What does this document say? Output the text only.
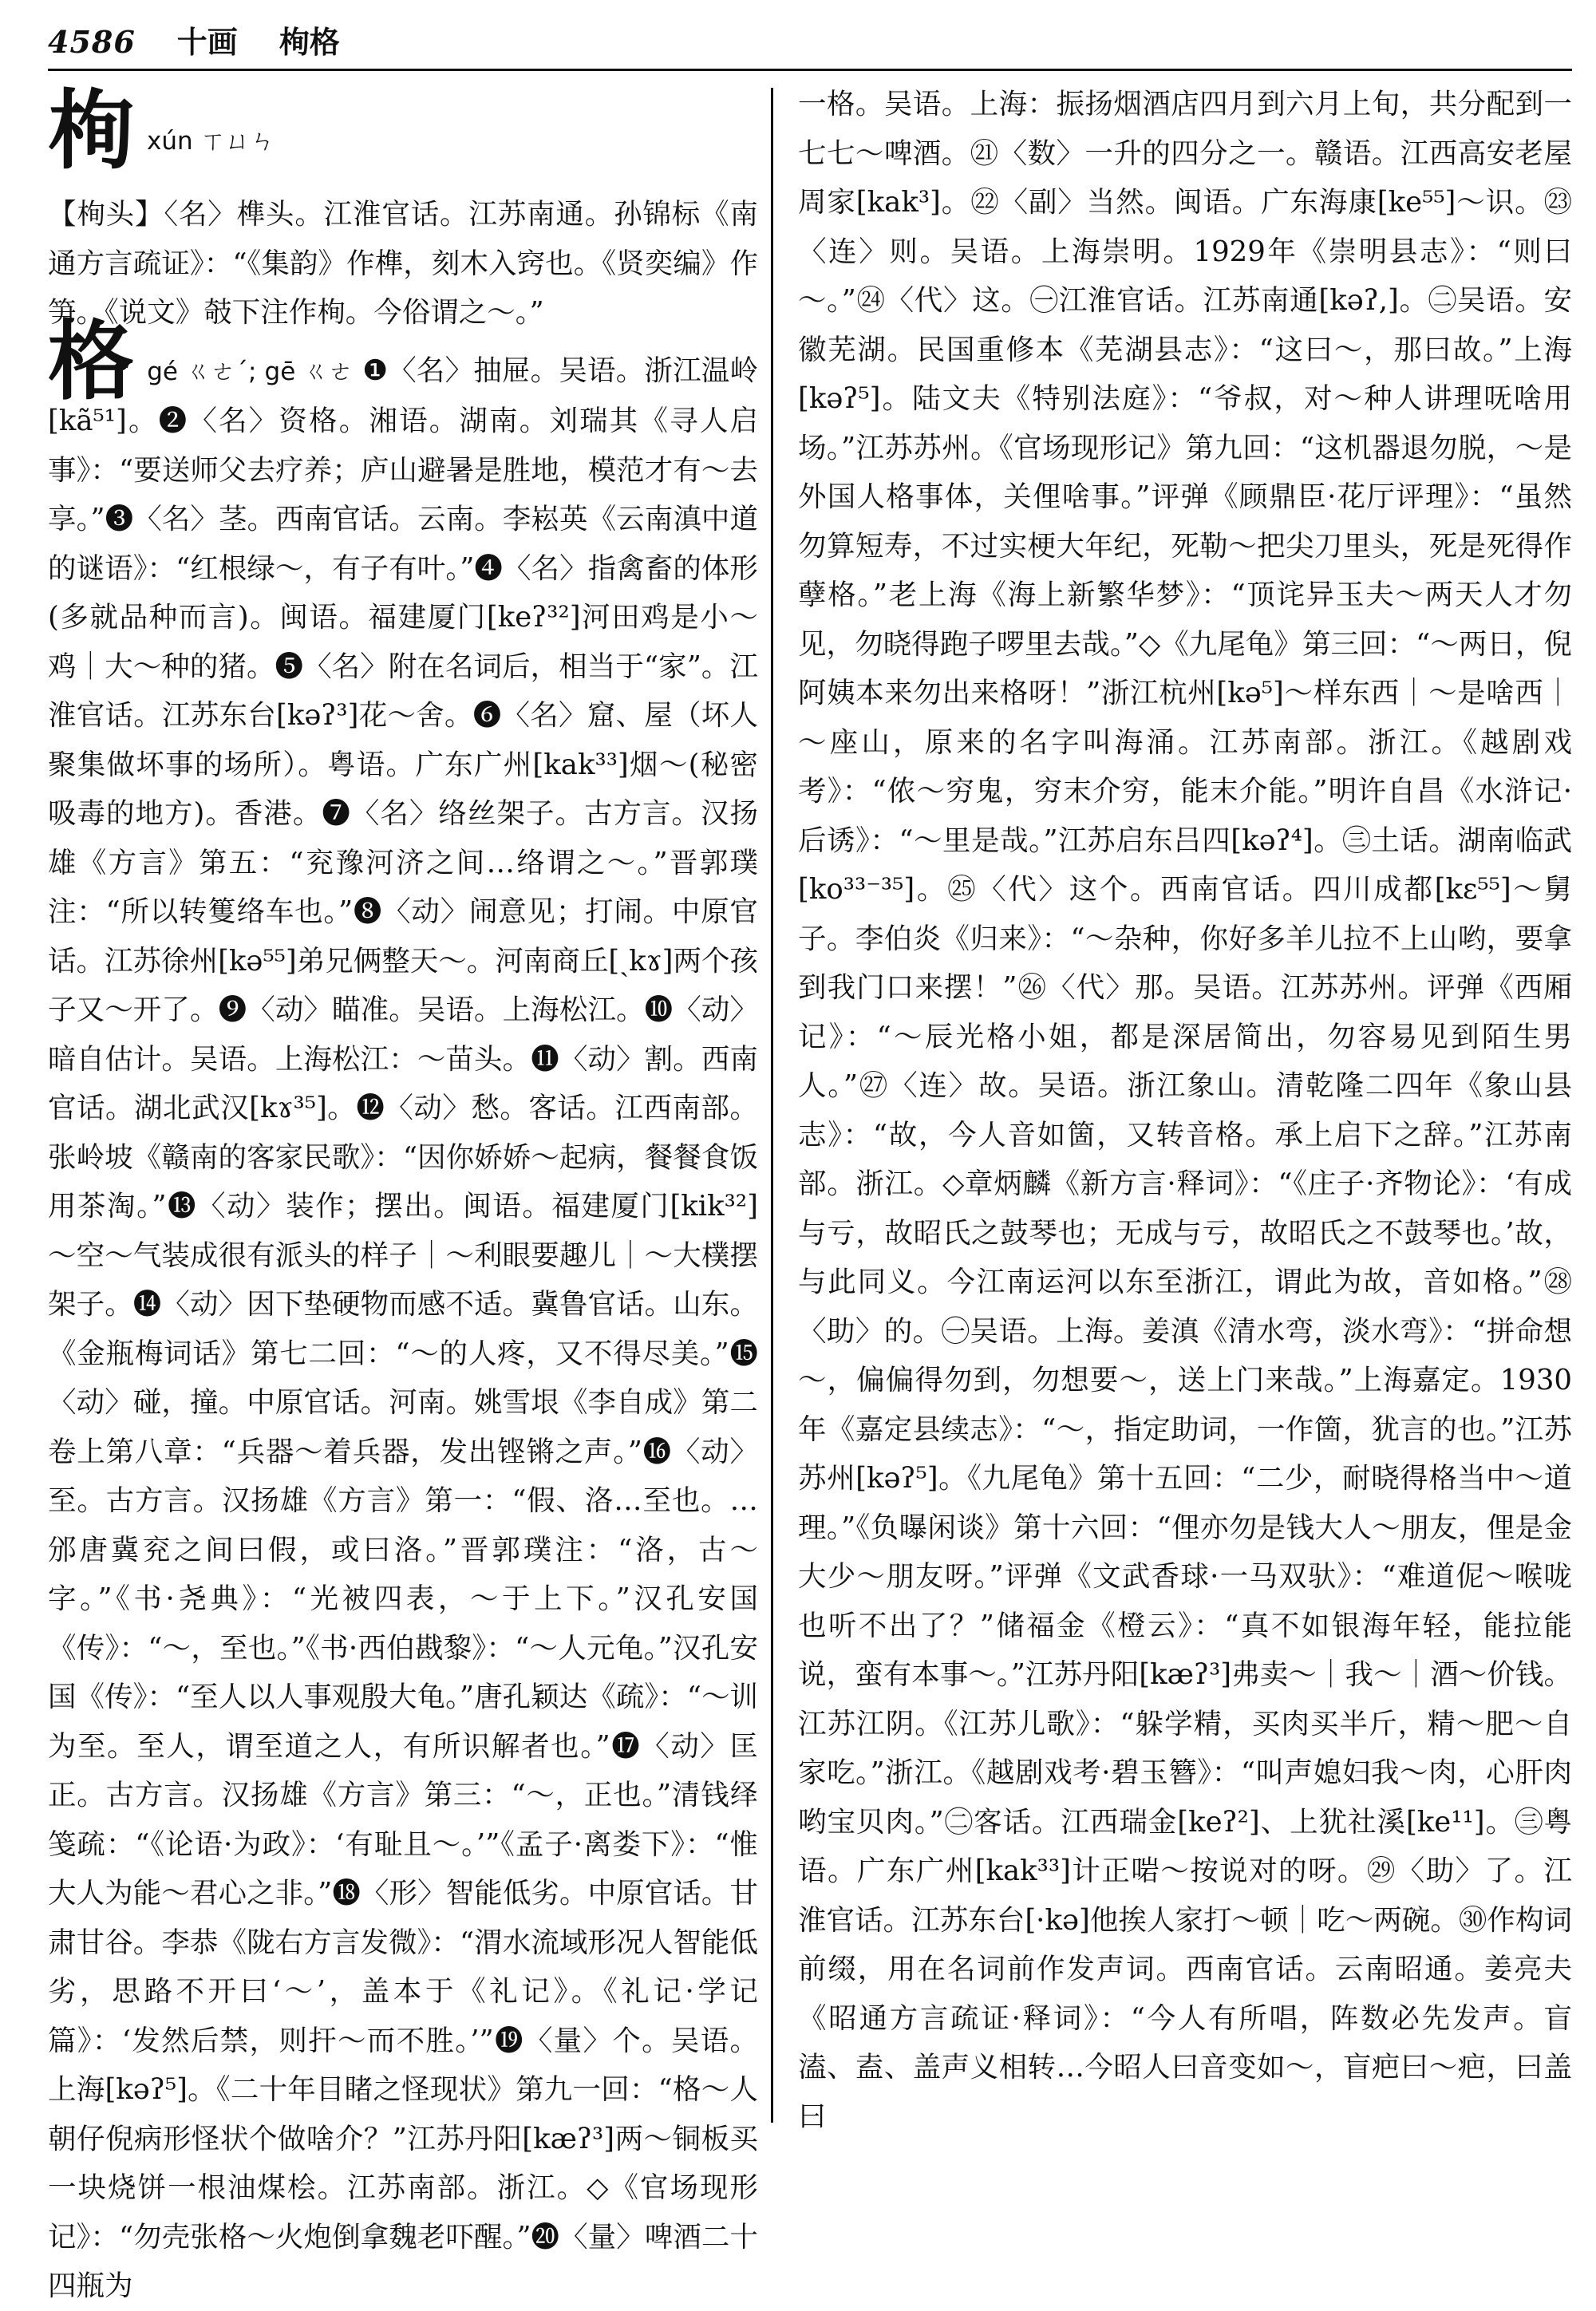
4586 十画 栒格
栒xún ㄒㄩㄣ

【栒头】〈名〉榫头。江淮官话。江苏南通。孙锦标《南通方言疏证》：“《集韵》作榫，刻木入窍也。《贤奕编》作笋。《说文》攲下注作栒。今俗谓之～。”

格gé ㄍㄜˊ; gē ㄍㄜ ❶〈名〉抽屉。吴语。浙江温岭[kã⁵¹]。❷〈名〉资格。湘语。湖南。刘瑞其《寻人启事》：“要送师父去疗养；庐山避暑是胜地，模范才有～去享。”❸〈名〉茎。西南官话。云南。李崧英《云南滇中道的谜语》：“红根绿～，有子有叶。”❹〈名〉指禽畜的体形(多就品种而言)。闽语。福建厦门[keʔ³²]河田鸡是小～鸡｜大～种的猪。❺〈名〉附在名词后，相当于“家”。江淮官话。江苏东台[kəʔ³]花～舍。❻〈名〉窟、屋（坏人聚集做坏事的场所）。粤语。广东广州[kak³³]烟～(秘密吸毒的地方)。香港。❼〈名〉络丝架子。古方言。汉扬雄《方言》第五：“兖豫河济之间…络谓之～。”晋郭璞注：“所以转篗络车也。”❽〈动〉闹意见；打闹。中原官话。江苏徐州[kə⁵⁵]弟兄俩整天～。河南商丘[ˏkɤ]两个孩子又～开了。❾〈动〉瞄准。吴语。上海松江。❿〈动〉暗自估计。吴语。上海松江：～苗头。⓫〈动〉割。西南官话。湖北武汉[kɤ³⁵]。⓬〈动〉愁。客话。江西南部。张岭坡《赣南的客家民歌》：“因你娇娇～起病，餐餐食饭用茶淘。”⓭〈动〉装作；摆出。闽语。福建厦门[kik³²]～空～气装成很有派头的样子｜～利眼要趣儿｜～大樸摆架子。⓮〈动〉因下垫硬物而感不适。冀鲁官话。山东。《金瓶梅词话》第七二回：“～的人疼，又不得尽美。”⓯〈动〉碰，撞。中原官话。河南。姚雪垠《李自成》第二卷上第八章：“兵器～着兵器，发出铿锵之声。”⓰〈动〉至。古方言。汉扬雄《方言》第一：“假、洛…至也。…邠唐冀兖之间曰假，或曰洛。”晋郭璞注：“洛，古～字。”《书·尧典》：“光被四表，～于上下。”汉孔安国《传》：“～，至也。”《书·西伯戡黎》：“～人元龟。”汉孔安国《传》：“至人以人事观殷大龟。”唐孔颖达《疏》：“～训为至。至人，谓至道之人，有所识解者也。”⓱〈动〉匡正。古方言。汉扬雄《方言》第三：“～，正也。”清钱绎笺疏：“《论语·为政》：‘有耻且～。’”《孟子·离娄下》：“惟大人为能～君心之非。”⓲〈形〉智能低劣。中原官话。甘肃甘谷。李恭《陇右方言发微》：“渭水流域形况人智能低劣，思路不开曰‘～’，盖本于《礼记》。《礼记·学记篇》：‘发然后禁，则扞～而不胜。’”⓳〈量〉个。吴语。上海[kəʔ⁵]。《二十年目睹之怪现状》第九一回：“格～人朝仔倪病形怪状个做啥介？”江苏丹阳[kæʔ³]两～铜板买一块烧饼一根油煤桧。江苏南部。浙江。◇《官场现形记》：“勿壳张格～火炮倒拿魏老吓醒。”⓴〈量〉啤酒二十四瓶为

一格。吴语。上海：振扬烟酒店四月到六月上旬，共分配到一七七～啤酒。㉑〈数〉一升的四分之一。赣语。江西高安老屋周家[kak³]。㉒〈副〉当然。闽语。广东海康[ke⁵⁵]～识。㉓〈连〉则。吴语。上海崇明。1929年《崇明县志》：“则曰～。”㉔〈代〉这。㊀江淮官话。江苏南通[kəʔ,]。㊁吴语。安徽芜湖。民国重修本《芜湖县志》：“这曰～，那曰故。”上海[kəʔ⁵]。陆文夫《特别法庭》：“爷叔，对～种人讲理呒啥用场。”江苏苏州。《官场现形记》第九回：“这机器退勿脱，～是外国人格事体，关俚啥事。”评弹《顾鼎臣·花厅评理》：“虽然勿算短寿，不过实梗大年纪，死勒～把尖刀里头，死是死得作孽格。”老上海《海上新繁华梦》：“顶诧异玉夫～两天人才勿见，勿晓得跑子啰里去哉。”◇《九尾龟》第三回：“～两日，倪阿姨本来勿出来格呀！”浙江杭州[kə⁵]～样东西｜～是啥西｜～座山，原来的名字叫海涌。江苏南部。浙江。《越剧戏考》：“侬～穷鬼，穷末介穷，能末介能。”明许自昌《水浒记·后诱》：“～里是哉。”江苏启东吕四[kəʔ⁴]。㊂土话。湖南临武[ko³³⁻³⁵]。㉕〈代〉这个。西南官话。四川成都[kɛ⁵⁵]～舅子。李伯炎《归来》：“～杂种，你好多羊儿拉不上山哟，要拿到我门口来摆！”㉖〈代〉那。吴语。江苏苏州。评弹《西厢记》：“～辰光格小姐，都是深居简出，勿容易见到陌生男人。”㉗〈连〉故。吴语。浙江象山。清乾隆二四年《象山县志》：“故，今人音如箇，又转音格。承上启下之辞。”江苏南部。浙江。◇章炳麟《新方言·释词》：“《庄子·齐物论》：‘有成与亏，故昭氏之鼓琴也；无成与亏，故昭氏之不鼓琴也。’故，与此同义。今江南运河以东至浙江，谓此为故，音如格。”㉘〈助〉的。㊀吴语。上海。姜滇《清水弯，淡水弯》：“拼命想～，偏偏得勿到，勿想要～，送上门来哉。”上海嘉定。1930年《嘉定县续志》：“～，指定助词，一作箇，犹言的也。”江苏苏州[kəʔ⁵]。《九尾龟》第十五回：“二少，耐晓得格当中～道理。”《负曝闲谈》第十六回：“俚亦勿是钱大人～朋友，俚是金大少～朋友呀。”评弹《文武香球·一马双驮》：“难道伲～喉咙也听不出了？”储福金《橙云》：“真不如银海年轻，能拉能说，蛮有本事～。”江苏丹阳[kæʔ³]弗卖～｜我～｜酒～价钱。江苏江阴。《江苏儿歌》：“躲学精，买肉买半斤，精～肥～自家吃。”浙江。《越剧戏考·碧玉簪》：“叫声媳妇我～肉，心肝肉哟宝贝肉。”㊁客话。江西瑞金[keʔ²]、上犹社溪[ke¹¹]。㊂粤语。广东广州[kak³³]计正啱～按说对的呀。㉙〈助〉了。江淮官话。江苏东台[·kə]他挨人家打～顿｜吃～两碗。㉚作构词前缀，用在名词前作发声词。西南官话。云南昭通。姜亮夫《昭通方言疏证·释词》：“今人有所唱，阵数必先发声。盲溘、盍、盖声义相转…今昭人曰音变如～，盲疤曰～疤，曰盖曰
